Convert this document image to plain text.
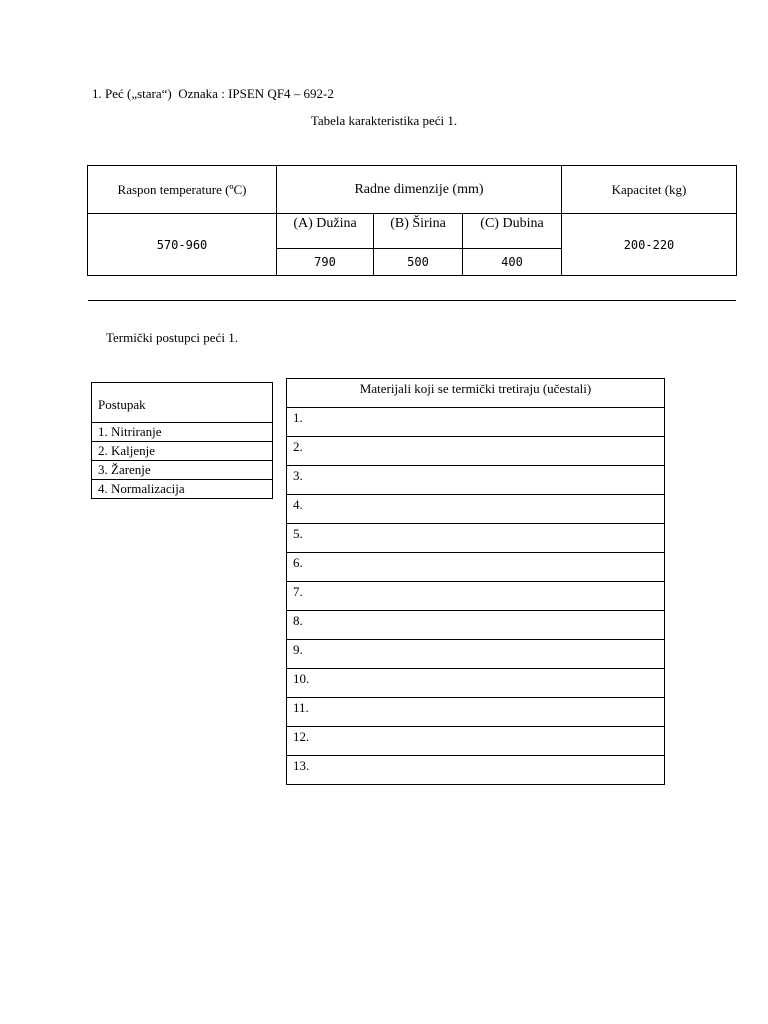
1. Peć („stara“)  Oznaka : IPSEN QF4 – 692-2
Tabela karakteristika peći 1.
Raspon temperature (ºC)	Radne dimenzije (mm)			Kapacitet (kg)
570-960	(A) Dužina	(B) Širina	(C) Dubina	200-220
	790	500	400	
Termički postupci peći 1.
Postupak
1. Nitriranje
2. Kaljenje
3. Žarenje
4. Normalizacija
Materijali koji se termički tretiraju (učestali)
1.
2.
3.
4.
5.
6.
7.
8.
9.
10.
11.
12.
13.
